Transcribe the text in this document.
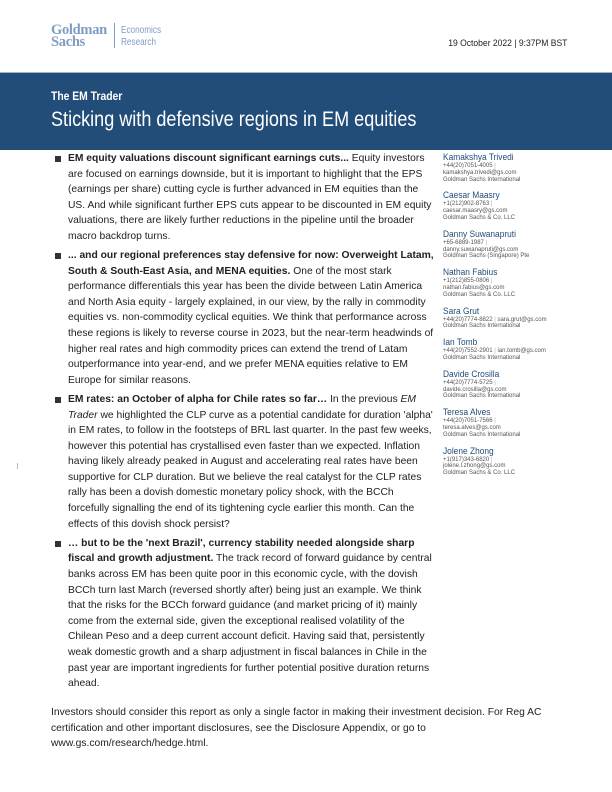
Goldman
Sachs
Economics
Research	19 October 2022 | 9:37PM BST
The EM Trader
Sticking with defensive regions in EM equities

EM equity valuations discount significant earnings cuts... Equity investors are focused on earnings downside, but it is important to highlight that the EPS (earnings per share) cutting cycle is further advanced in EM equities than the US. And while significant further EPS cuts appear to be discounted in EM equity valuations, there are likely further reductions in the pipeline until the broader macro backdrop turns.

... and our regional preferences stay defensive for now: Overweight Latam, South & South-East Asia, and MENA equities. One of the most stark performance differentials this year has been the divide between Latin America and North Asia equity - largely explained, in our view, by the rally in commodity equities vs. non-commodity cyclical equities. We think that performance across these regions is likely to reverse course in 2023, but the near-term headwinds of higher real rates and high commodity prices can extend the trend of Latam outperformance into year-end, and we prefer MENA equities relative to EM Europe for similar reasons.

EM rates: an October of alpha for Chile rates so far… In the previous EM Trader we highlighted the CLP curve as a potential candidate for duration 'alpha' in EM rates, to follow in the footsteps of BRL last quarter. In the past few weeks, however this potential has crystallised even faster than we expected. Inflation having likely already peaked in August and accelerating real rates have been supportive for CLP duration. But we believe the real catalyst for the CLP rates rally has been a dovish domestic monetary policy shock, with the BCCh forcefully signalling the end of its tightening cycle earlier this month. Can the effects of this dovish shock persist?

… but to be the 'next Brazil', currency stability needed alongside sharp fiscal and growth adjustment. The track record of forward guidance by central banks across EM has been quite poor in this economic cycle, with the dovish BCCh turn last March (reversed shortly after) being just an example. We think that the risks for the BCCh forward guidance (and market pricing of it) mainly come from the external side, given the exceptional realised volatility of the Chilean Peso and a deep current account deficit. Having said that, persistently weak domestic growth and a sharp adjustment in fiscal balances in Chile in the past year are important ingredients for further potential positive duration returns ahead.

Kamakshya Trivedi
+44(20)7051-4005 |
kamakshya.trivedi@gs.com
Goldman Sachs International
Caesar Maasry
+1(212)902-8763 |
caesar.maasry@gs.com
Goldman Sachs & Co. LLC
Danny Suwanapruti
+65-6889-1987 |
danny.suwanapruti@gs.com
Goldman Sachs (Singapore) Pte
Nathan Fabius
+1(212)855-0806 |
nathan.fabius@gs.com
Goldman Sachs & Co. LLC
Sara Grut
+44(20)7774-8822 | sara.grut@gs.com
Goldman Sachs International
Ian Tomb
+44(20)7552-2901 | ian.tomb@gs.com
Goldman Sachs International
Davide Crosilla
+44(20)7774-5725 |
davide.crosilla@gs.com
Goldman Sachs International
Teresa Alves
+44(20)7051-7566 |
teresa.alves@gs.com
Goldman Sachs International
Jolene Zhong
+1(917)343-6820 |
jolene.l.zhong@gs.com
Goldman Sachs & Co. LLC
Investors should consider this report as only a single factor in making their investment decision. For Reg AC certification and other important disclosures, see the Disclosure Appendix, or go to www.gs.com/research/hedge.html.
